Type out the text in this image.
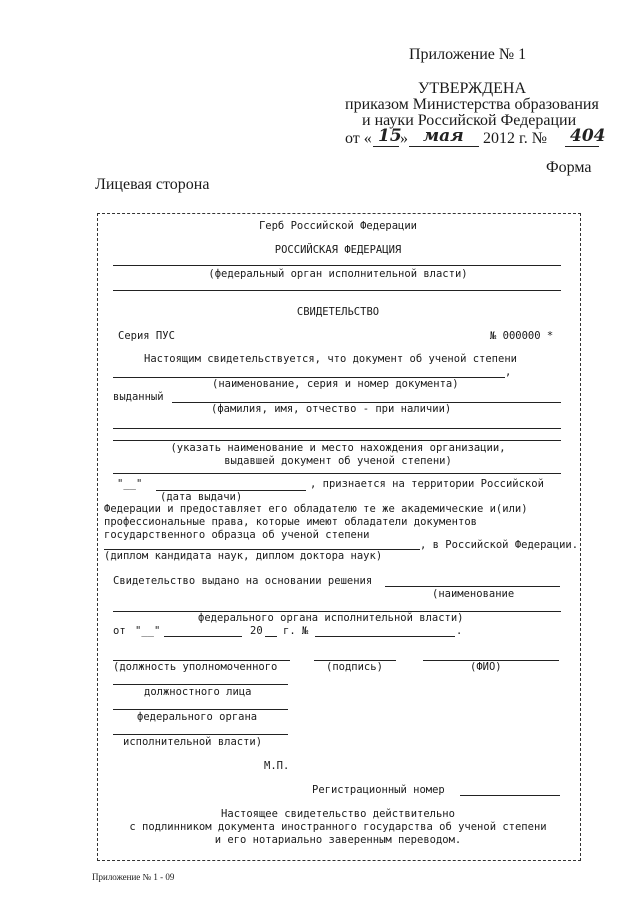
Приложение № 1
УТВЕРЖДЕНА
приказом Министерства образования
и науки Российской Федерации
от « 15
» мая 2012 г. № 404
Форма
Лицевая сторона
Герб Российской Федерации
РОССИЙСКАЯ ФЕДЕРАЦИЯ
(федеральный орган исполнительной власти)
СВИДЕТЕЛЬСТВО
Серия ПУС	№ 000000 *
Настоящим свидетельствуется, что документ об ученой степени
,
(наименование, серия и номер документа)
выданный
(фамилия, имя, отчество - при наличии)
(указать наименование и место нахождения организации,
выдавшей документ об ученой степени)
"__"	, признается на территории Российской
(дата выдачи)
Федерации и предоставляет его обладателю те же академические и(или)
профессиональные права, которые имеют обладатели документов
государственного образца об ученой степени
, в Российской Федерации.
(диплом кандидата наук, диплом доктора наук)
Свидетельство выдано на основании решения
(наименование
федерального органа исполнительной власти)
от "__"	20 г. №	.
(должность уполномоченного	(подпись)	(ФИО)
должностного лица
федерального органа
исполнительной власти)
М.П.
Регистрационный номер
Настоящее свидетельство действительно
с подлинником документа иностранного государства об ученой степени
и его нотариально заверенным переводом.
Приложение № 1 - 09
